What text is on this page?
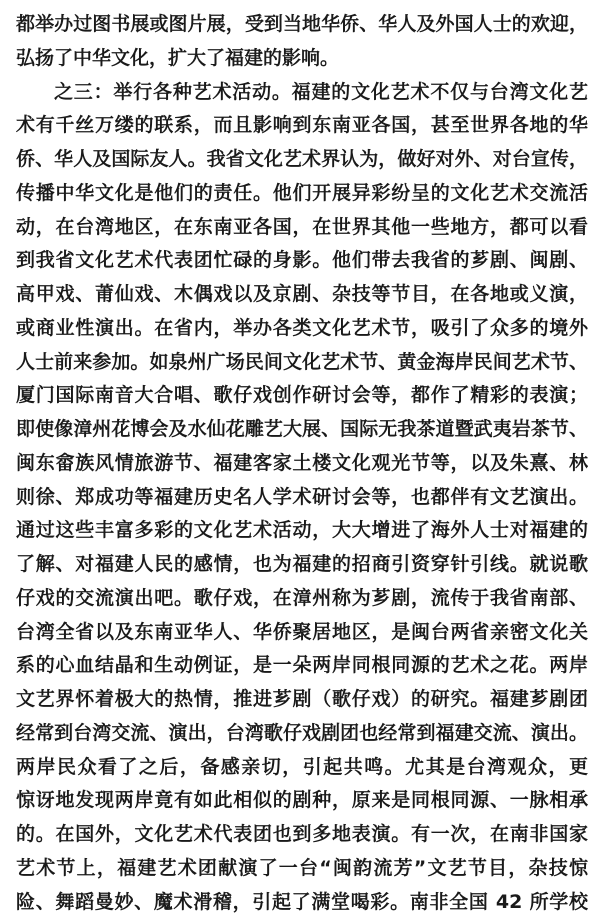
都举办过图书展或图片展，受到当地华侨、华人及外国人士的欢迎，
弘扬了中华文化，扩大了福建的影响。
之三：举行各种艺术活动。福建的文化艺术不仅与台湾文化艺
术有千丝万缕的联系，而且影响到东南亚各国，甚至世界各地的华
侨、华人及国际友人。我省文化艺术界认为，做好对外、对台宣传，
传播中华文化是他们的责任。他们开展异彩纷呈的文化艺术交流活
动，在台湾地区，在东南亚各国，在世界其他一些地方，都可以看
到我省文化艺术代表团忙碌的身影。他们带去我省的芗剧、闽剧、
高甲戏、莆仙戏、木偶戏以及京剧、杂技等节目，在各地或义演，
或商业性演出。在省内，举办各类文化艺术节，吸引了众多的境外
人士前来参加。如泉州广场民间文化艺术节、黄金海岸民间艺术节、
厦门国际南音大合唱、歌仔戏创作研讨会等，都作了精彩的表演；
即使像漳州花博会及水仙花雕艺大展、国际无我茶道暨武夷岩茶节、
闽东畲族风情旅游节、福建客家土楼文化观光节等，以及朱熹、林
则徐、郑成功等福建历史名人学术研讨会等，也都伴有文艺演出。
通过这些丰富多彩的文化艺术活动，大大增进了海外人士对福建的
了解、对福建人民的感情，也为福建的招商引资穿针引线。就说歌
仔戏的交流演出吧。歌仔戏，在漳州称为芗剧，流传于我省南部、
台湾全省以及东南亚华人、华侨聚居地区，是闽台两省亲密文化关
系的心血结晶和生动例证，是一朵两岸同根同源的艺术之花。两岸
文艺界怀着极大的热情，推进芗剧（歌仔戏）的研究。福建芗剧团
经常到台湾交流、演出，台湾歌仔戏剧团也经常到福建交流、演出。
两岸民众看了之后，备感亲切，引起共鸣。尤其是台湾观众，更
惊讶地发现两岸竟有如此相似的剧种，原来是同根同源、一脉相承
的。在国外，文化艺术代表团也到多地表演。有一次，在南非国家
艺术节上，福建艺术团献演了一台“闽韵流芳”文艺节目，杂技惊
险、舞蹈曼妙、魔术滑稽，引起了满堂喝彩。南非全国 42 所学校
